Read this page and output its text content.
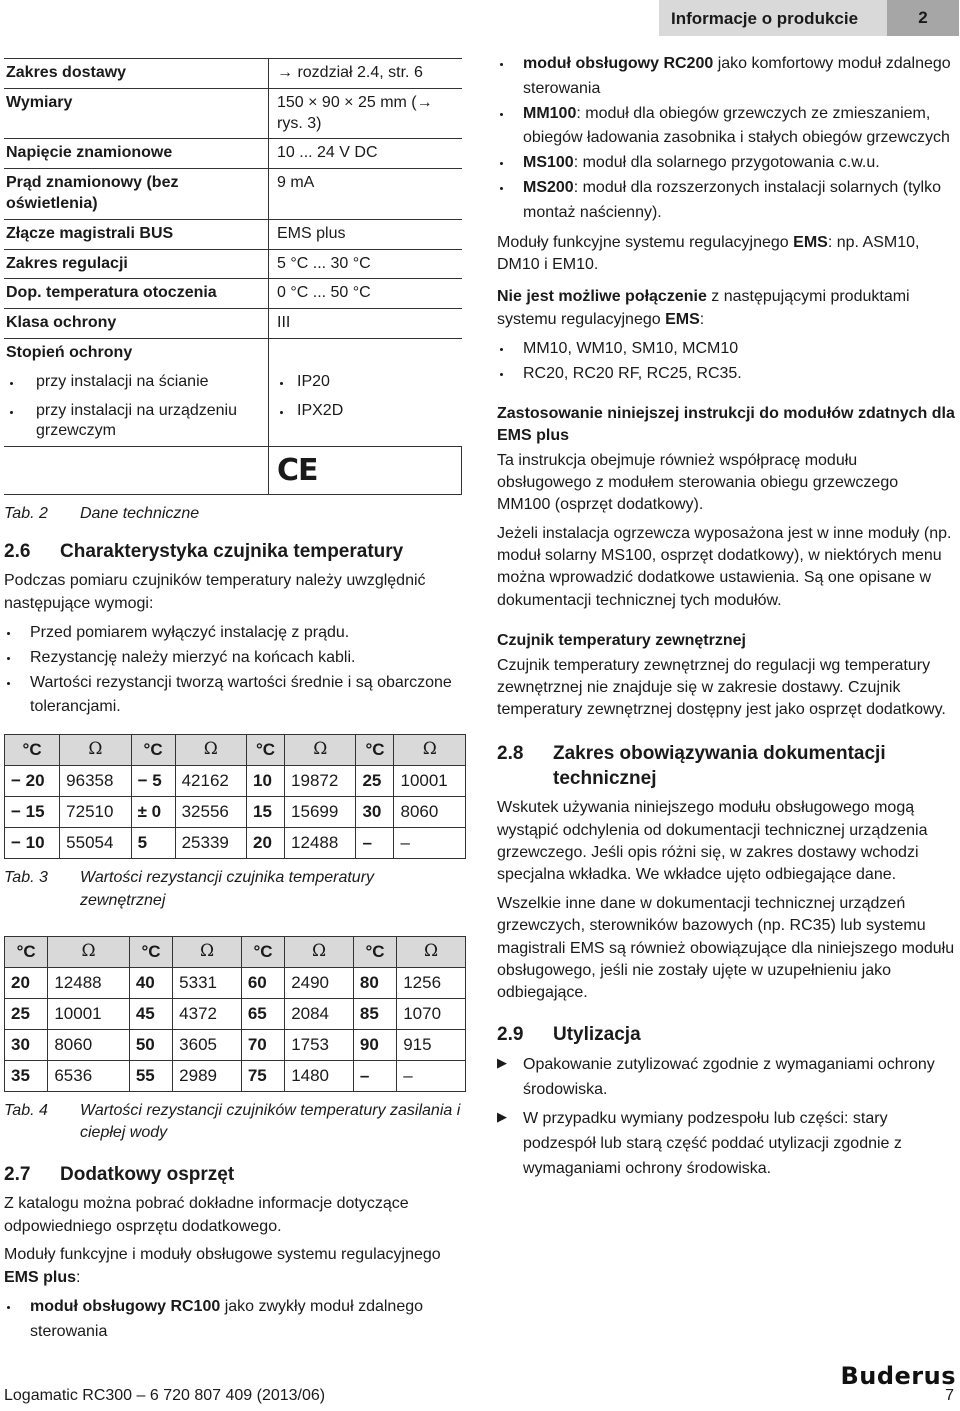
Informacje o produkcie	2
Zakres dostawy	→ rozdział 2.4, str. 6
Wymiary	150 × 90 × 25 mm (→ rys. 3)
Napięcie znamionowe	10 ... 24 V DC
Prąd znamionowy (bez oświetlenia)	9 mA
Złącze magistrali BUS	EMS plus
Zakres regulacji	5 °C ... 30 °C
Dop. temperatura otoczenia	0 °C ... 50 °C
Klasa ochrony	III
Stopień ochrony	

przy instalacji na ścianie	IP20

przy instalacji na urządzeniu grzewczym	IPX2D

	CE
Tab. 2	Dane techniczne
2.6	Charakterystyka czujnika temperatury

Podczas pomiaru czujników temperatury należy uwzględnić następujące wymogi:

Przed pomiarem wyłączyć instalację z prądu.
Rezystancję należy mierzyć na końcach kabli.
Wartości rezystancji tworzą wartości średnie i są obarczone tolerancjami.
°C	Ω	°C	Ω	°C	Ω	°C	Ω
− 20	96358	− 5	42162	10	19872	25	10001
− 15	72510	± 0	32556	15	15699	30	8060
− 10	55054	5	25339	20	12488	–	–
Tab. 3	Wartości rezystancji czujnika temperatury zewnętrznej
°C	Ω	°C	Ω	°C	Ω	°C	Ω
20	12488	40	5331	60	2490	80	1256
25	10001	45	4372	65	2084	85	1070
30	8060	50	3605	70	1753	90	915
35	6536	55	2989	75	1480	–	–
Tab. 4	Wartości rezystancji czujników temperatury zasilania i ciepłej wody
2.7	Dodatkowy osprzęt

Z katalogu można pobrać dokładne informacje dotyczące odpowiedniego osprzętu dodatkowego.

Moduły funkcyjne i moduły obsługowe systemu regulacyjnego EMS plus:

moduł obsługowy RC100 jako zwykły moduł zdalnego sterowania
moduł obsługowy RC200 jako komfortowy moduł zdalnego sterowania
MM100: moduł dla obiegów grzewczych ze zmieszaniem, obiegów ładowania zasobnika i stałych obiegów grzewczych
MS100: moduł dla solarnego przygotowania c.w.u.
MS200: moduł dla rozszerzonych instalacji solarnych (tylko montaż naścienny).

Moduły funkcyjne systemu regulacyjnego EMS: np. ASM10, DM10 i EM10.

Nie jest możliwe połączenie z następującymi produktami systemu regulacyjnego EMS:

MM10, WM10, SM10, MCM10
RC20, RC20 RF, RC25, RC35.
Zastosowanie niniejszej instrukcji do modułów zdatnych dla EMS plus

Ta instrukcja obejmuje również współpracę modułu obsługowego z modułem sterowania obiegu grzewczego MM100 (osprzęt dodatkowy).

Jeżeli instalacja ogrzewcza wyposażona jest w inne moduły (np. moduł solarny MS100, osprzęt dodatkowy), w niektórych menu można wprowadzić dodatkowe ustawienia. Są one opisane w dokumentacji technicznej tych modułów.

Czujnik temperatury zewnętrznej

Czujnik temperatury zewnętrznej do regulacji wg temperatury zewnętrznej nie znajduje się w zakresie dostawy. Czujnik temperatury zewnętrznej dostępny jest jako osprzęt dodatkowy.

2.8	Zakres obowiązywania dokumentacji technicznej

Wskutek używania niniejszego modułu obsługowego mogą wystąpić odchylenia od dokumentacji technicznej urządzenia grzewczego. Jeśli opis różni się, w zakres dostawy wchodzi specjalna wkładka. We wkładce ujęto odbiegające dane.

Wszelkie inne dane w dokumentacji technicznej urządzeń grzewczych, sterowników bazowych (np. RC35) lub systemu magistrali EMS są również obowiązujące dla niniejszego modułu obsługowego, jeśli nie zostały ujęte w uzupełnieniu jako odbiegające.

2.9	Utylizacja
▶ Opakowanie zutylizować zgodnie z wymaganiami ochrony środowiska.
▶ W przypadku wymiany podzespołu lub części: stary podzespół lub starą część poddać utylizacji zgodnie z wymaganiami ochrony środowiska.
Buderus
Logamatic RC300 – 6 720 807 409 (2013/06)	7
